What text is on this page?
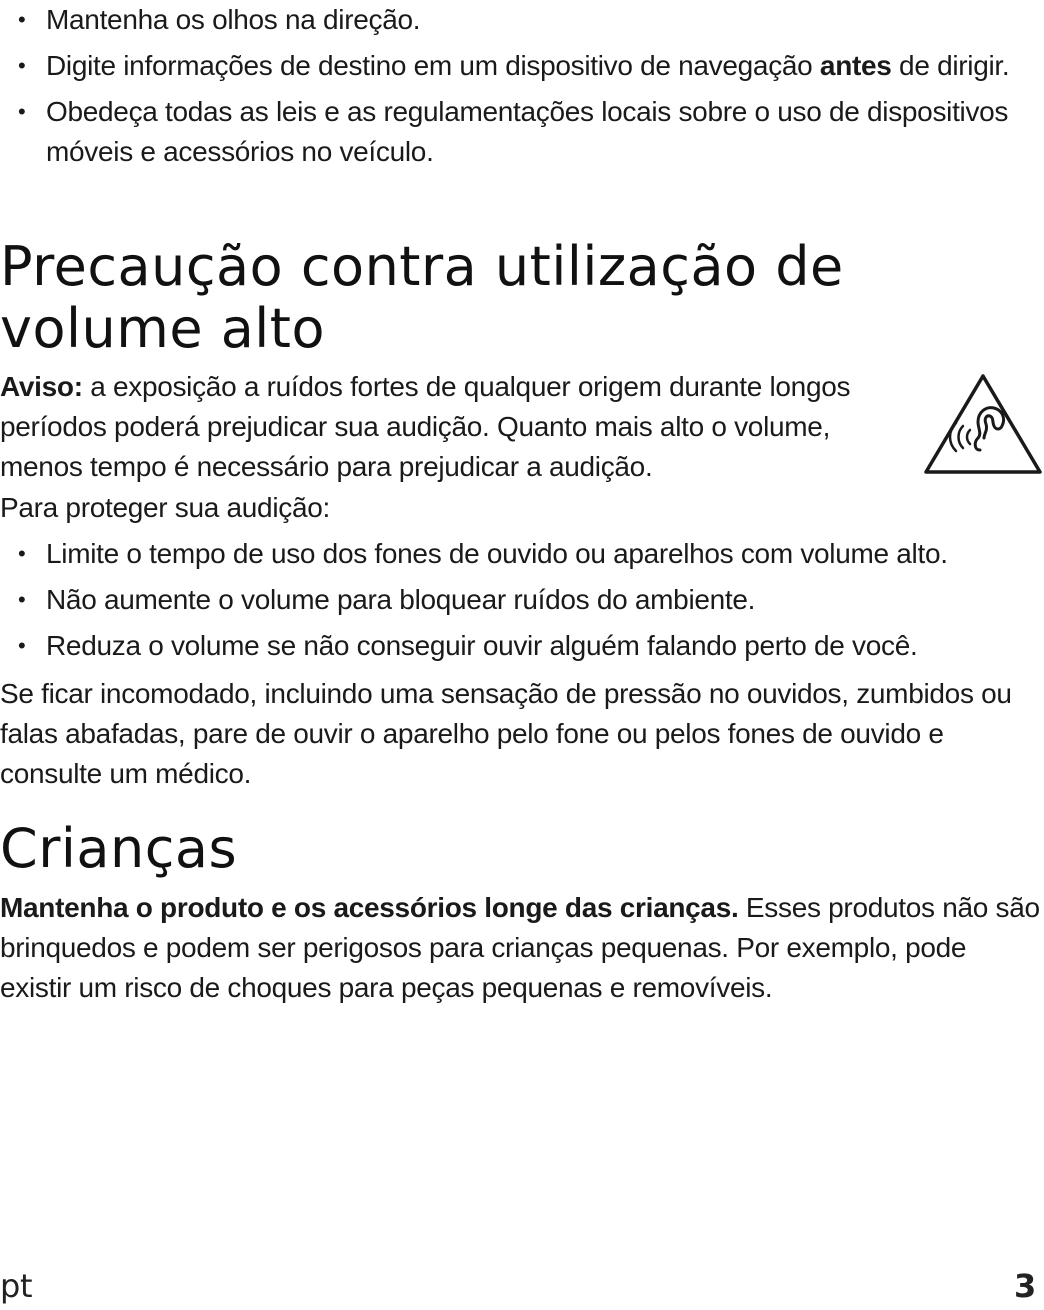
• Mantenha os olhos na direção.
• Digite informações de destino em um dispositivo de navegação antes de dirigir.
• Obedeça todas as leis e as regulamentações locais sobre o uso de dispositivos móveis e acessórios no veículo.
Precaução contra utilização de volume alto

Aviso: a exposição a ruídos fortes de qualquer origem durante longos períodos poderá prejudicar sua audição. Quanto mais alto o volume, menos tempo é necessário para prejudicar a audição.

Para proteger sua audição:

• Limite o tempo de uso dos fones de ouvido ou aparelhos com volume alto.
• Não aumente o volume para bloquear ruídos do ambiente.
• Reduza o volume se não conseguir ouvir alguém falando perto de você.

Se ficar incomodado, incluindo uma sensação de pressão no ouvidos, zumbidos ou falas abafadas, pare de ouvir o aparelho pelo fone ou pelos fones de ouvido e consulte um médico.

Crianças

Mantenha o produto e os acessórios longe das crianças. Esses produtos não são brinquedos e podem ser perigosos para crianças pequenas. Por exemplo, pode existir um risco de choques para peças pequenas e removíveis.

pt	3
